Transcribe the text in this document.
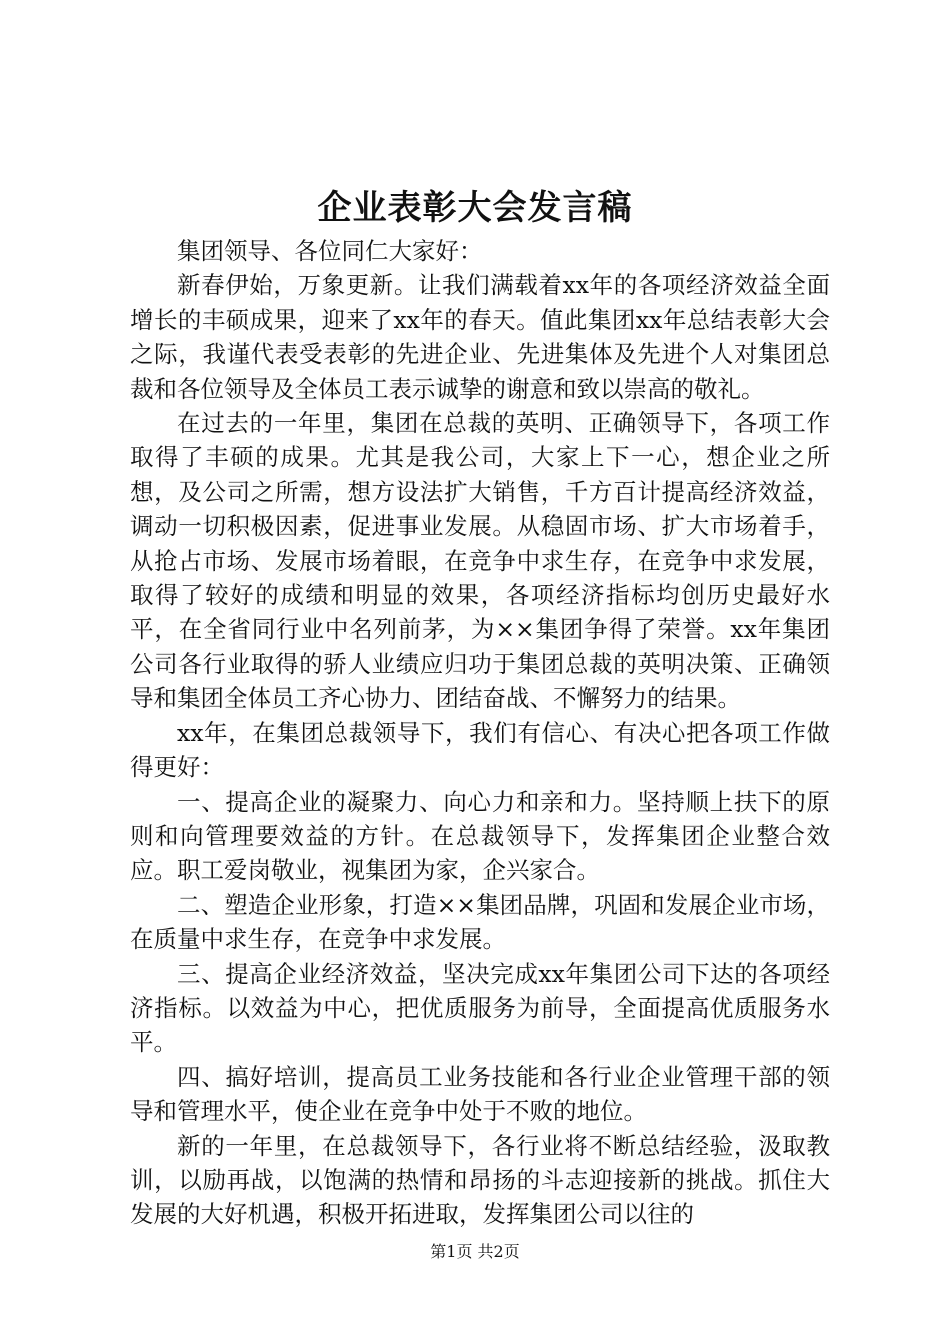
企业表彰大会发言稿

集团领导、各位同仁大家好：

新春伊始，万象更新。让我们满载着xx年的各项经济效益全面增长的丰硕成果，迎来了xx年的春天。值此集团xx年总结表彰大会之际，我谨代表受表彰的先进企业、先进集体及先进个人对集团总裁和各位领导及全体员工表示诚挚的谢意和致以崇高的敬礼。

在过去的一年里，集团在总裁的英明、正确领导下，各项工作取得了丰硕的成果。尤其是我公司，大家上下一心，想企业之所想，及公司之所需，想方设法扩大销售，千方百计提高经济效益，调动一切积极因素，促进事业发展。从稳固市场、扩大市场着手，从抢占市场、发展市场着眼，在竞争中求生存，在竞争中求发展，取得了较好的成绩和明显的效果，各项经济指标均创历史最好水平，在全省同行业中名列前茅，为××集团争得了荣誉。xx年集团公司各行业取得的骄人业绩应归功于集团总裁的英明决策、正确领导和集团全体员工齐心协力、团结奋战、不懈努力的结果。

xx年，在集团总裁领导下，我们有信心、有决心把各项工作做得更好：

一、提高企业的凝聚力、向心力和亲和力。坚持顺上扶下的原则和向管理要效益的方针。在总裁领导下，发挥集团企业整合效应。职工爱岗敬业，视集团为家，企兴家合。

二、塑造企业形象，打造××集团品牌，巩固和发展企业市场，在质量中求生存，在竞争中求发展。

三、提高企业经济效益，坚决完成xx年集团公司下达的各项经济指标。以效益为中心，把优质服务为前导，全面提高优质服务水平。

四、搞好培训，提高员工业务技能和各行业企业管理干部的领导和管理水平，使企业在竞争中处于不败的地位。

新的一年里，在总裁领导下，各行业将不断总结经验，汲取教训，以励再战，以饱满的热情和昂扬的斗志迎接新的挑战。抓住大发展的大好机遇，积极开拓进取，发挥集团公司以往的

第1页 共2页
